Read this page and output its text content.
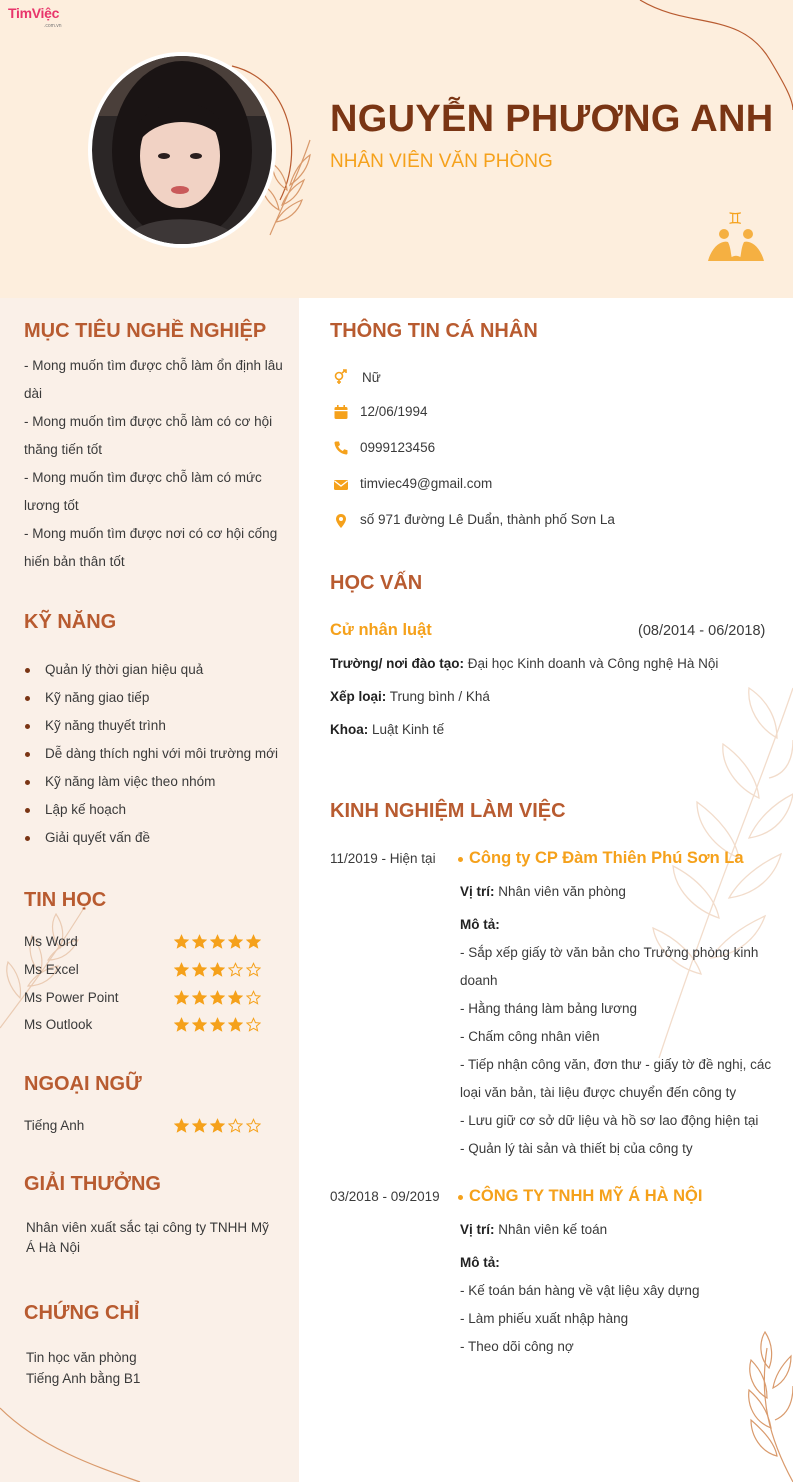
TimViệc
.com.vn
NGUYỄN PHƯƠNG ANH
NHÂN VIÊN VĂN PHÒNG
♊
MỤC TIÊU NGHỀ NGHIỆP
- Mong muốn tìm được chỗ làm ổn định lâu
dài
- Mong muốn tìm được chỗ làm có cơ hội
thăng tiến tốt
- Mong muốn tìm được chỗ làm có mức
lương tốt
- Mong muốn tìm được nơi có cơ hội cống
hiến bản thân tốt
KỸ NĂNG
Quản lý thời gian hiệu quả
Kỹ năng giao tiếp
Kỹ năng thuyết trình
Dễ dàng thích nghi với môi trường mới
Kỹ năng làm việc theo nhóm
Lập kế hoạch
Giải quyết vấn đề
TIN HỌC
Ms Word
Ms Excel
Ms Power Point
Ms Outlook
NGOẠI NGỮ
Tiếng Anh
GIẢI THƯỞNG
Nhân viên xuất sắc tại công ty TNHH Mỹ
Á Hà Nội
CHỨNG CHỈ
Tin học văn phòng
Tiếng Anh bằng B1
THÔNG TIN CÁ NHÂN
Nữ
12/06/1994
0999123456
timviec49@gmail.com
số 971 đường Lê Duẩn, thành phố Sơn La
HỌC VẤN
Cử nhân luật	(08/2014 - 06/2018)
Trường/ nơi đào tạo: Đại học Kinh doanh và Công nghệ Hà Nội
Xếp loại: Trung bình / Khá
Khoa: Luật Kinh tế
KINH NGHIỆM LÀM VIỆC
11/2019 - Hiện tại Công ty CP Đàm Thiên Phú Sơn La
Vị trí: Nhân viên văn phòng
Mô tả:
- Sắp xếp giấy tờ văn bản cho Trưởng phòng kinh
doanh
- Hằng tháng làm bảng lương
- Chấm công nhân viên
- Tiếp nhận công văn, đơn thư - giấy tờ đề nghị, các
loại văn bản, tài liệu được chuyển đến công ty
- Lưu giữ cơ sở dữ liệu và hồ sơ lao động hiện tại
- Quản lý tài sản và thiết bị của công ty
03/2018 - 09/2019 CÔNG TY TNHH MỸ Á HÀ NỘI
Vị trí: Nhân viên kế toán
Mô tả:
- Kế toán bán hàng về vật liệu xây dựng
- Làm phiếu xuất nhập hàng
- Theo dõi công nợ
